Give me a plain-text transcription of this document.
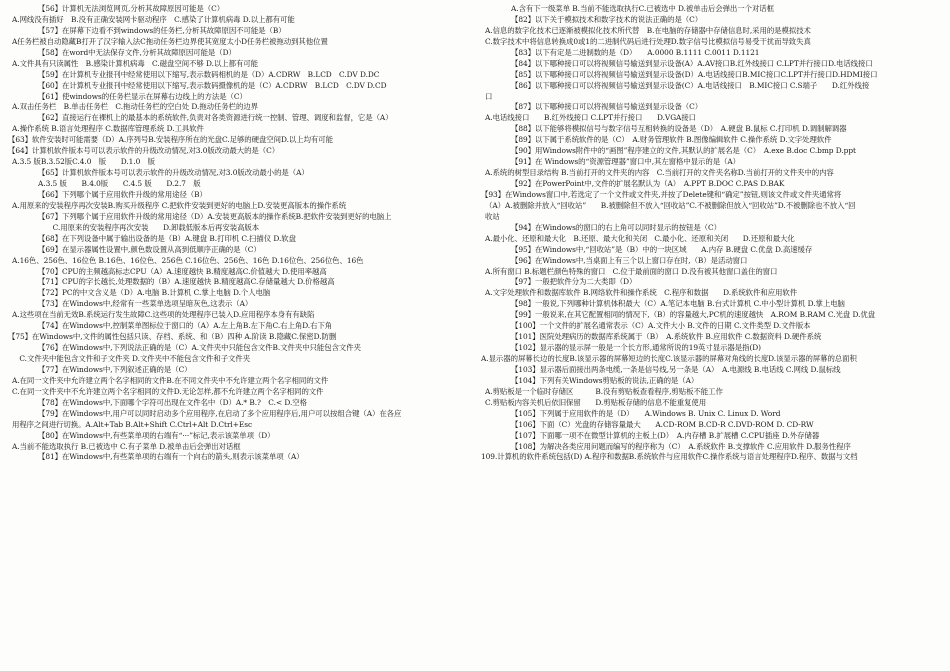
【56】计算机无法浏览网页,分析其故障原因可能是（C）
A.网线没有插好　B.没有正确安装网卡驱动程序　C.感染了计算机病毒 D.以上都有可能
【57】在屏幕下边看不到windows的任务栏,分析其故障原因不可能是（B）
A任务栏被自动隐藏B打开了汉字输入法C拖动任务栏边界使其宽度太小D任务栏被拖动到其他位置
【58】在word中无法保存文件,分析其故障原因可能是（D）
A.文件具有只读属性　B.感染计算机病毒　C.磁盘空间不够 D.以上都有可能
【59】在计算机专业报刊中经常使用以下缩写,表示数码相机的是（D）A.CDRW　B.LCD　C.DV D.DC
【60】在计算机专业报刊中经常使用以下缩写,表示数码摄像机的是（C）A.CDRW　B.LCD　C.DV D.CD
【61】使windows的任务栏显示在屏幕右边线上的方法是（C）
A.双击任务栏　B.单击任务栏　C.拖动任务栏的空白处 D.拖动任务栏的边界
【62】直接运行在裸机上的最基本的系统软件,负责对各类资源进行统一控制、管理、调度和监督，它是（A）
A.操作系统 B.语言处理程序 C.数据库管理系统 D.工具软件
【63】软件安装时可能需要（D）A.序列号B.安装程序所在的光盘C.足够的硬盘空间D.以上均有可能
【64】计算机软件版本号可以表示软件的升级改动情况,对3.0版改动最大的是（C）
A.3.5 版B.3.52版C.4.0　版　　D.1.0　版
【65】计算机软件版本号可以表示软件的升级改动情况,对3.0版改动最小的是（A）
A.3.5 版　　B.4.0版　　C.4.5 版　　D.2.7　版
【66】下列哪个属于应用软件升级的常用途径（B）
A.用原来的安装程序再次安装B.购买升级程序 C.把软件安装到更好的电脑上D.安装更高版本的操作系统
【67】下列哪个属于应用软件升级的常用途径（D）A.安装更高版本的操作系统B.把软件安装到更好的电脑上
　　C.用原来的安装程序再次安装　　D.卸载低版本后再安装高版本
【68】在下列设备中属于输出设备的是（B）A.键盘 B.打印机 C.扫描仪 D.软盘
【69】在显示器属性设置中,颜色数设置从高到低顺序正确的是（C）
A.16色、256色、16位色 B.16色、16位色、256色 C.16位色、256色、16色 D.16位色、256位色、16色
【70】CPU的主频越高标志CPU（A）A.速度越快 B.精度越高C.价值越大 D.使用率越高
【71】CPU的字长越长,处理数据的（B）A.速度越快 B.精度越高C.存储量越大 D.价格越高
【72】PC的中文含义是（D）A.电脑 B.计算机 C.掌上电脑 D.个人电脑
【73】在Windows中,经常有一些菜单选项呈暗灰色,这表示（A）
A.这些项在当前无效B.系统运行发生故障C.这些项的处理程序已装入D.应用程序本身有有缺陷
【74】在Windows中,控制菜单图标位于窗口的（A）A.左上角B.左下角C.右上角D.右下角
【75】在Windows中,文件的属性包括只读、存档、系统、和（B）四种 A.阶读 B.隐藏C.保密D.防删
【76】在Windows中,下列说法正确的是（C）A.文件夹中只能包含文件B.文件夹中只能包含文件夹
　C.文件夹中能包含文件和子文件夹 D.文件夹中不能包含文件和子文件夹
【77】在Windows中,下列叙述正确的是（C）
A.在同一文件夹中允许建立两个名字相同的文件B.在不同文件夹中不允许建立两个名字相同的文件
C.在同一文件夹中不允许建立两个名字相同的文件D.无论怎样,都不允许建立两个名字相同的文件
【78】在Windows中,下面哪个字符可出现在文件名中（D）A.* B.?　C.< D.空格
【79】在Windows中,用户可以同时启动多个应用程序,在启动了多个应用程序后,用户可以按组合键（A）在各应
用程序之间进行切换。A.Alt+Tab B.Alt+Shift C.Ctrl+Alt D.Ctrl+Esc
【80】在Windows中,有些菜单项的右端有“···”标记,表示该菜单项（D）
A.当前不能选取执行 B.已被选中 C.有子菜单 D.被单击后会弹出对话框
【81】在Windows中,有些菜单项的右端有一个向右的箭头,则表示该菜单项（A）
A.含有下一级菜单 B.当前不能选取执行C.已被选中 D.被单击后会弹出一个对话框
【82】以下关于模拟技术和数字技术的说法正确的是（C）
A.信息的数字化技术已逐渐被模拟化技术所代替　B.在电脑的存储器中存储信息时,采用的是模拟技术
C.数字技术中将信息转换成0或1的二进制代码后进行处理D.数字信号比模拟信号易受干扰而导致失真
【83】以下有定是二进制数的是（D）　　A.0000 B.1111 C.0011 D.1121
【84】以下哪种接口可以将视频信号输送到显示设备(A）A.AV接口B.红外线接口 C.LPT并行接口D.电话线接口
【85】以下哪种接口可以将视频信号输送到显示设备(D）A.电话线接口B.MIC接口C.LPT并行接口D.HDMI接口
【86】以下哪种接口可以将视频信号输送到显示设备(C）A.电话线接口　B.MIC接口 C.S端子　　D.红外线接
口
【87】以下哪种接口可以将视频信号输送到显示设备（C）
A.电话线接口　　B.红外线接口 C.LPT并行接口　　D.VGA接口
【88】以下能够将模拟信号与数字信号互相转换的设备是（D）　A.硬盘 B.鼠标 C.打印机 D.调制解调器
【89】以下属于系统软件的是（C）　A.财务管理软件 B.图像编辑软件 C.操作系统 D.文字处理软件
【90】用Windows附件中的“画图”程序建立的文件,其默认的扩展名是（C）　A.exe B.doc C.bmp D.ppt
【91】在 Windows的“资源管理器”窗口中,其左窗格中显示的是（A）
A.系统的树型目录结构 B.当前打开的文件夹的内容　C.当前打开的文件夹名称D.当前打开的文件夹中的内容
【92】在PowerPoint中,文件的扩展名默认为（A）　A.PPT B.DOC C.PAS D.BAK
【93】在Windows窗口中,若选定了一个文件或文件夹,并按了Delete键和“确定”按钮,则该文件或文件夹通常将
（A）A.被删除并放入“回收站”　　B.被删除但不放入“回收站”C.不被删除但放入“回收站”D.不被删除也不放入“回
收站
【94】在Windows的窗口的右上角可以同时显示的按钮是（C）
A.最小化、还原和最大化　B.还原、最大化和关闭　C.最小化、还原和关闭　　D.还原和最大化
【95】在Windows中,“回收站”是（B）中的一块区域　　A.内存 B.硬盘 C.优盘 D.高速缓存
【96】在Windows中,当桌面上有三个以上窗口存在时,（B）是活动窗口
A.所有窗口 B.标题栏颜色特殊的窗口　C.位于最前面的窗口 D.没有被其他窗口盖住的窗口
【97】一般把软件分为二大类即（D）
A.文字处理软件和数据库软件 B.网络软件和操作系统　C.程序和数据　　D.系统软件和应用软件
【98】一般说,下列哪种计算机体积最大（C）A.笔记本电脑 B.台式计算机 C.中小型计算机 D.掌上电脑
【99】一般说来,在其它配置相同的情况下,（B）的容量越大,PC机的速度越快　A.ROM B.RAM C.光盘 D.优盘
【100】一个文件的扩展名通常表示（C）A.文件大小 B.文件的日期 C.文件类型 D.文件版本
【101】医院处理病历的数据库系统属于（B）　A.系统软件 B.应用软件 C.数据资料 D.硬件系统
【102】显示器的显示屏一般是一个长方形,通常所说的19英寸显示器是指(D)
A.显示器的屏幕长边的长度B.该显示器的屏幕短边的长度C.该显示器的屏幕对角线的长度D.该显示器的屏幕的总面积
【103】显示器后面接出两条电缆,一条是信号线,另一条是（A）　A.电源线 B.电话线 C.网线 D.鼠标线
【104】下列有关Windows剪贴板的说法,正确的是（A）
A.剪贴板是一个临时存储区　　　B.没有剪贴板查看程序,剪贴板不能工作
C.剪贴板内容关机后依旧保留　　D.剪贴板存储的信息不能重复使用
【105】下列属于应用软件的是（D）　　A.Windows B. Unix C. Linux D. Word
【106】下面（C）光盘的存储容量最大　　A.CD-ROM B.CD-R C.DVD-ROM D. CD-RW
【107】下面哪一项不在微型计算机的主板上(D）　A.内存槽 B.扩展槽 C.CPU插座 D.外存储器
【108】为解决各类应用问题而编写的程序称为（C）　A.系统软件 B.支撑软件 C.应用软件 D.服务性程序
109.计算机的软件系统包括(D) A.程序和数据B.系统软件与应用软件C.操作系统与语言处理程序D.程序、数据与文档
